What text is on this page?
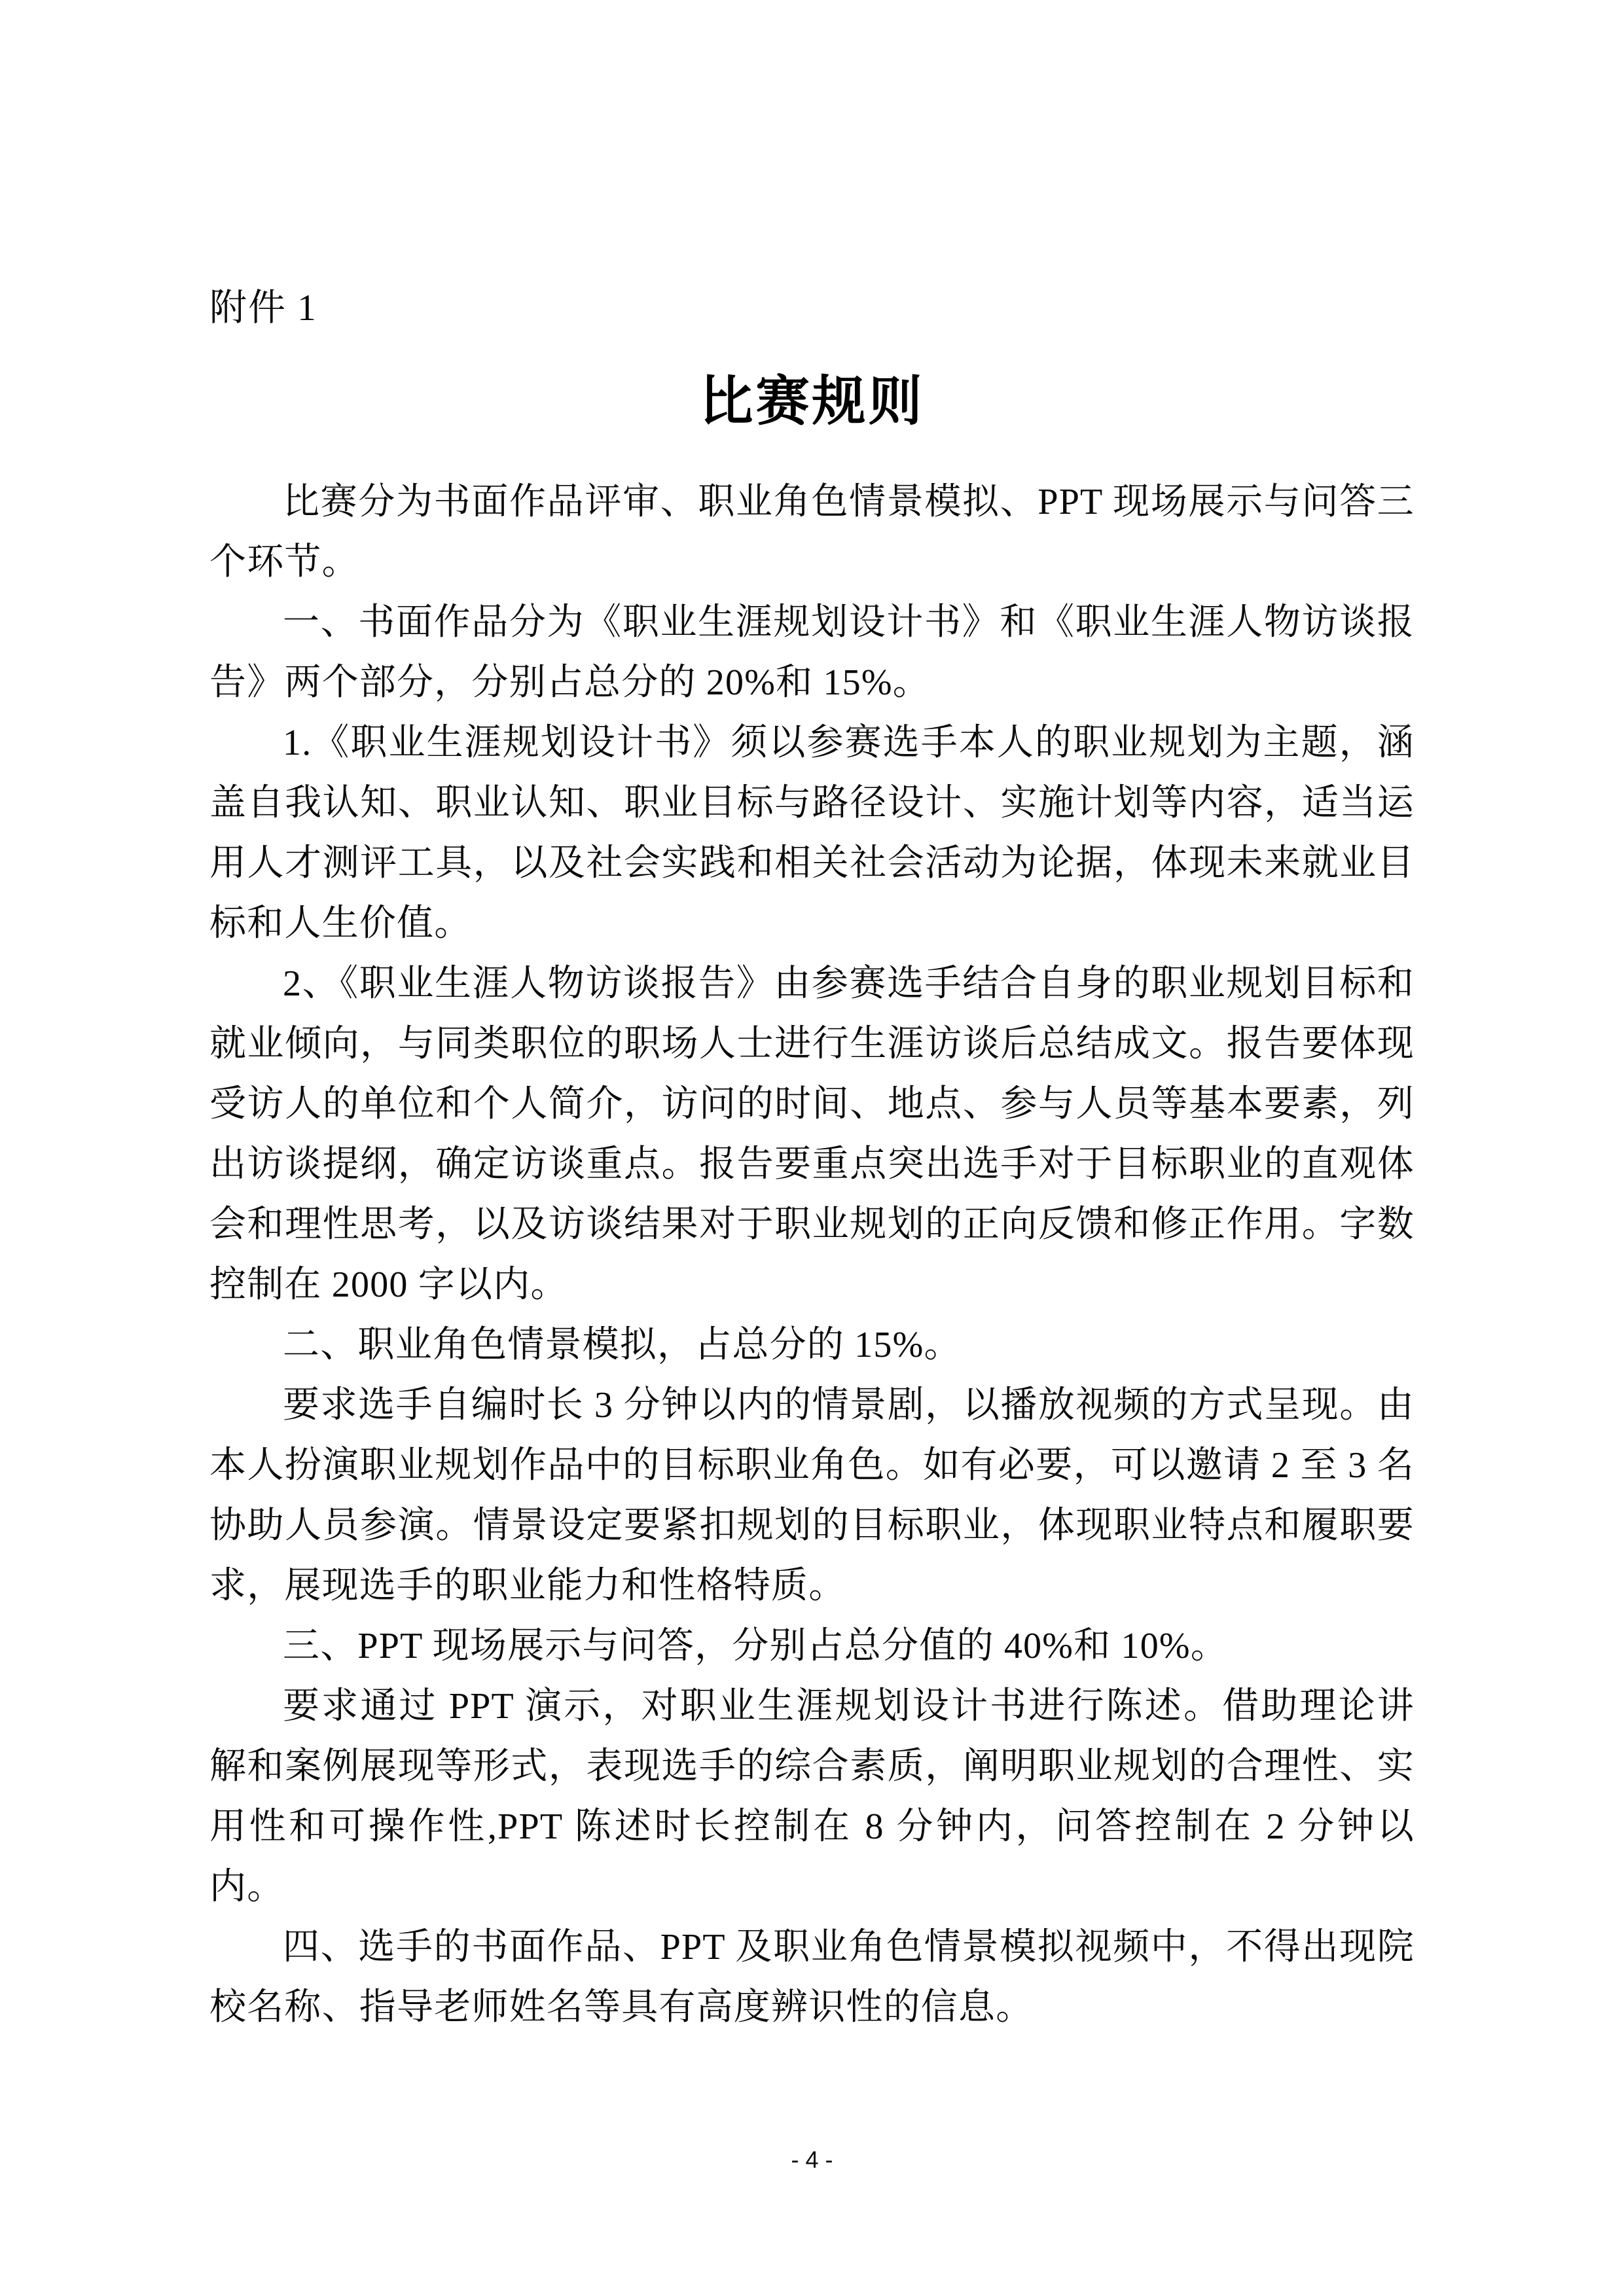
附件 1
比赛规则

比赛分为书面作品评审、职业角色情景模拟、PPT 现场展示与问答三个环节。

一、书面作品分为《职业生涯规划设计书》和《职业生涯人物访谈报告》两个部分，分别占总分的 20%和 15%。

1.《职业生涯规划设计书》须以参赛选手本人的职业规划为主题，涵盖自我认知、职业认知、职业目标与路径设计、实施计划等内容，适当运用人才测评工具，以及社会实践和相关社会活动为论据，体现未来就业目标和人生价值。

2、《职业生涯人物访谈报告》由参赛选手结合自身的职业规划目标和就业倾向，与同类职位的职场人士进行生涯访谈后总结成文。报告要体现受访人的单位和个人简介，访问的时间、地点、参与人员等基本要素，列出访谈提纲，确定访谈重点。报告要重点突出选手对于目标职业的直观体会和理性思考，以及访谈结果对于职业规划的正向反馈和修正作用。字数控制在 2000 字以内。

二、职业角色情景模拟，占总分的 15%。

要求选手自编时长 3 分钟以内的情景剧，以播放视频的方式呈现。由本人扮演职业规划作品中的目标职业角色。如有必要，可以邀请 2 至 3 名协助人员参演。情景设定要紧扣规划的目标职业，体现职业特点和履职要求，展现选手的职业能力和性格特质。

三、PPT 现场展示与问答，分别占总分值的 40%和 10%。

要求通过 PPT 演示，对职业生涯规划设计书进行陈述。借助理论讲解和案例展现等形式，表现选手的综合素质，阐明职业规划的合理性、实用性和可操作性,PPT 陈述时长控制在 8 分钟内，问答控制在 2 分钟以内。

四、选手的书面作品、PPT 及职业角色情景模拟视频中，不得出现院校名称、指导老师姓名等具有高度辨识性的信息。

- 4 -
